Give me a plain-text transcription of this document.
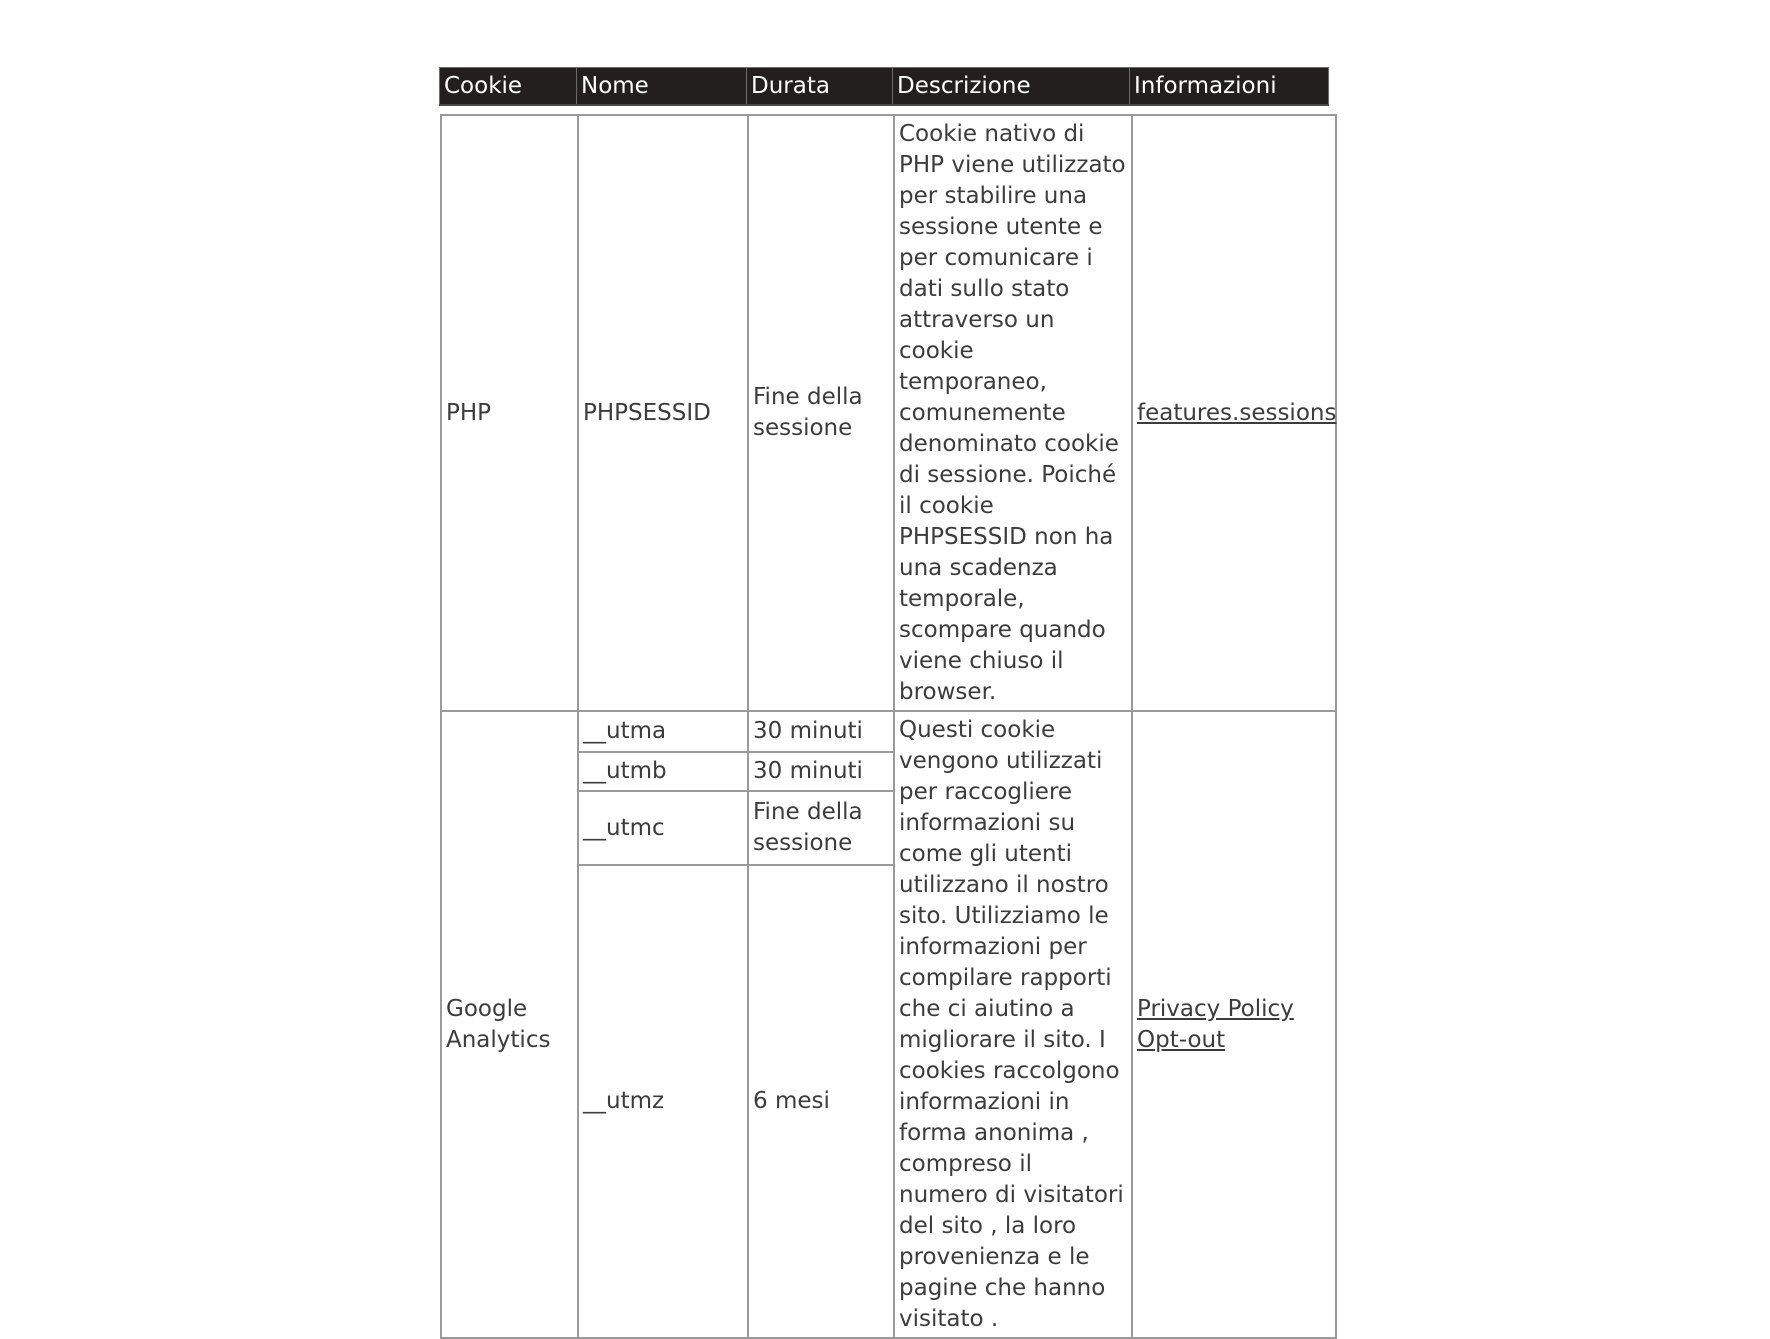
Cookie	Nome	Durata	Descrizione	Informazioni
PHP	PHPSESSID	Fine della sessione	Cookie nativo di PHP viene utilizzato per stabilire una sessione utente e per comunicare i dati sullo stato attraverso un cookie temporaneo, comunemente denominato cookie di sessione. Poiché il cookie PHPSESSID non ha una scadenza temporale, scompare quando viene chiuso il browser.	features.sessions

Google Analytics	__utma	30 minuti	Questi cookie vengono utilizzati per raccogliere informazioni su come gli utenti utilizzano il nostro sito. Utilizziamo le informazioni per compilare rapporti che ci aiutino a migliorare il sito. I cookies raccolgono informazioni in forma anonima , compreso il numero di visitatori del sito , la loro provenienza e le pagine che hanno visitato .	Privacy Policy
Opt-out

	__utmb	30 minuti		
	__utmc	Fine della sessione		
	__utmz	6 mesi		
